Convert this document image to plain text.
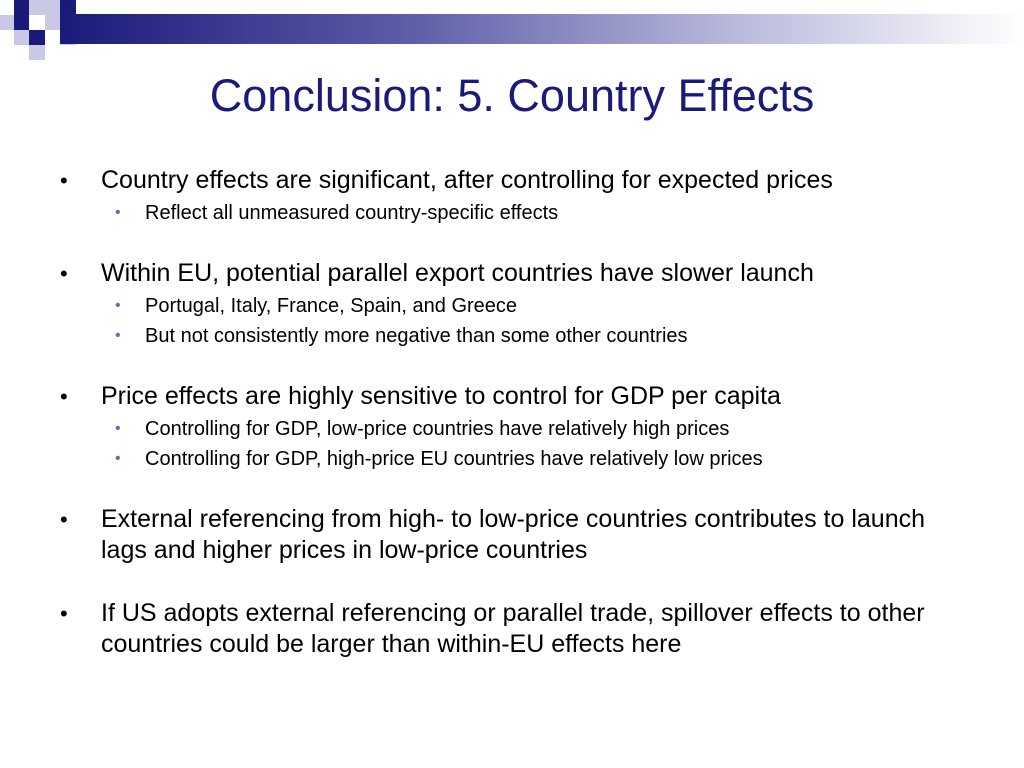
Conclusion: 5. Country Effects
• Country effects are significant, after controlling for expected prices
• Reflect all unmeasured country-specific effects
• Within EU, potential parallel export countries have slower launch
• Portugal, Italy, France, Spain, and Greece
• But not consistently more negative than some other countries
• Price effects are highly sensitive to control for GDP per capita
• Controlling for GDP, low-price countries have relatively high prices
• Controlling for GDP, high-price EU countries have relatively low prices
• External referencing from high- to low-price countries contributes to launch lags and higher prices in low-price countries
• If US adopts external referencing or parallel trade, spillover effects to other countries could be larger than within-EU effects here
